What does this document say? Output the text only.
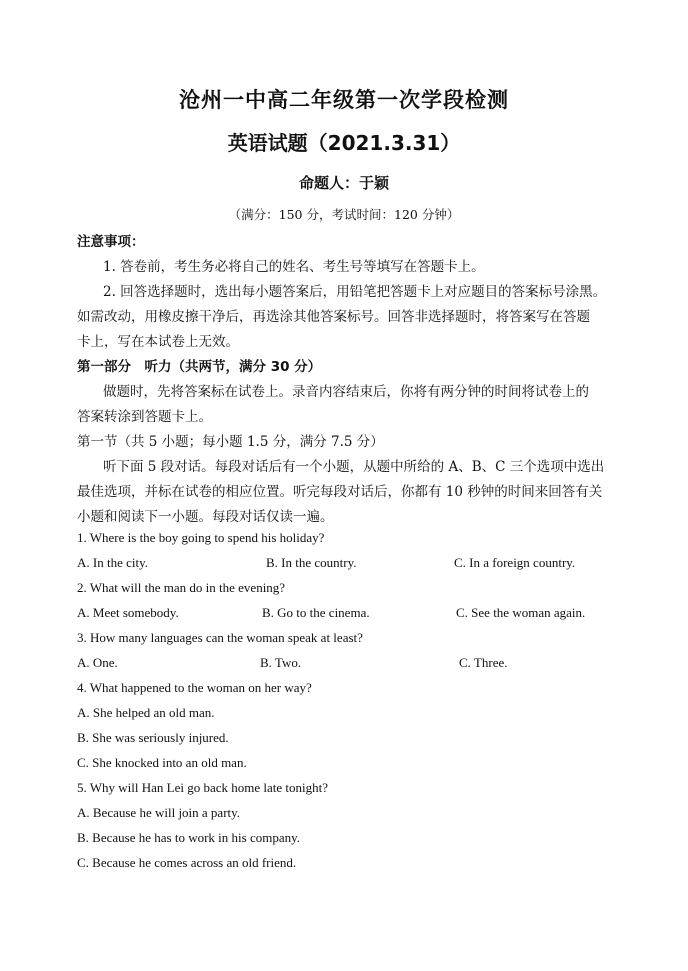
沧州一中高二年级第一次学段检测
英语试题（2021.3.31）
命题人：于颖
（满分：150 分，考试时间：120 分钟）
注意事项：
1. 答卷前，考生务必将自己的姓名、考生号等填写在答题卡上。
2. 回答选择题时，选出每小题答案后，用铅笔把答题卡上对应题目的答案标号涂黑。
如需改动，用橡皮擦干净后，再选涂其他答案标号。回答非选择题时，将答案写在答题
卡上，写在本试卷上无效。
第一部分　听力（共两节，满分 30 分）
做题时，先将答案标在试卷上。录音内容结束后，你将有两分钟的时间将试卷上的
答案转涂到答题卡上。
第一节（共 5 小题；每小题 1.5 分，满分 7.5 分）
听下面 5 段对话。每段对话后有一个小题，从题中所给的 A、B、C 三个选项中选出
最佳选项，并标在试卷的相应位置。听完每段对话后，你都有 10 秒钟的时间来回答有关
小题和阅读下一小题。每段对话仅读一遍。
1. Where is the boy going to spend his holiday?
A. In the city.	B. In the country.	C. In a foreign country.
2. What will the man do in the evening?
A. Meet somebody.	B. Go to the cinema.	C. See the woman again.
3. How many languages can the woman speak at least?
A. One.	B. Two.	C. Three.
4. What happened to the woman on her way?
A. She helped an old man.
B. She was seriously injured.
C. She knocked into an old man.
5. Why will Han Lei go back home late tonight?
A. Because he will join a party.
B. Because he has to work in his company.
C. Because he comes across an old friend.
